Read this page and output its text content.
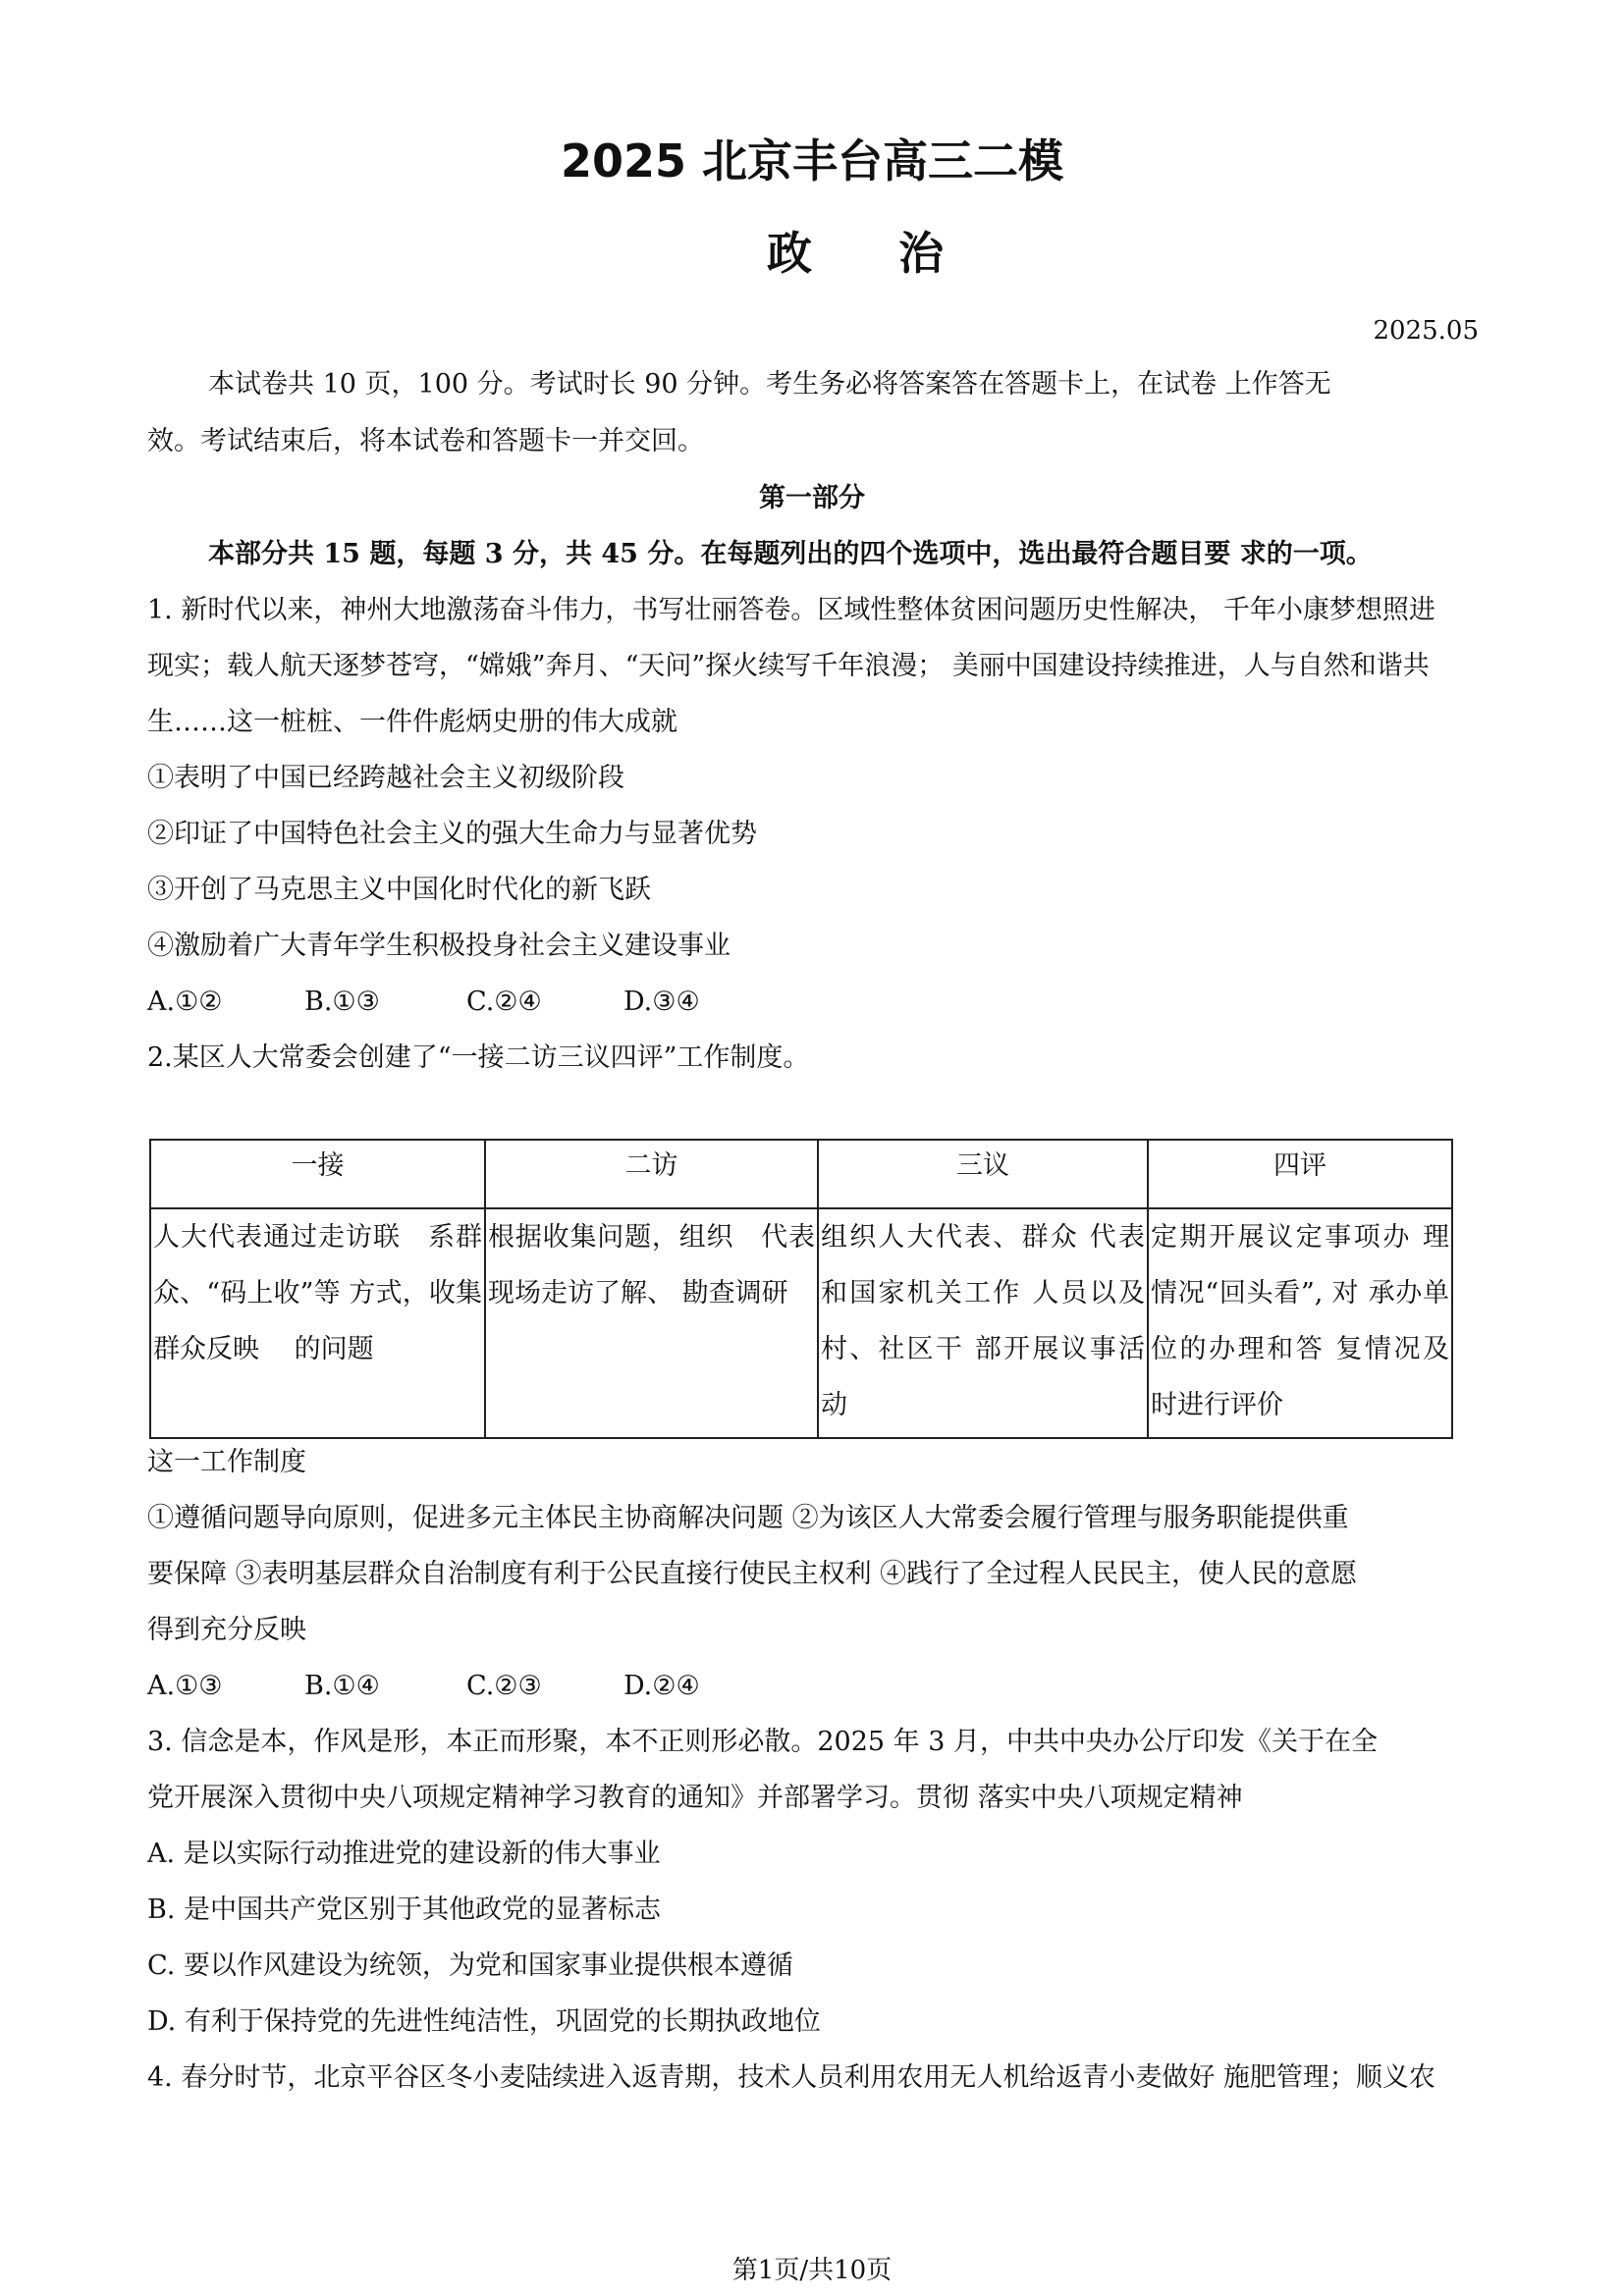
2025 北京丰台高三二模
政治
2025.05
本试卷共 10 页，100 分。考试时长 90 分钟。考生务必将答案答在答题卡上，在试卷 上作答无
效。考试结束后，将本试卷和答题卡一并交回。
第一部分
本部分共 15 题，每题 3 分，共 45 分。在每题列出的四个选项中，选出最符合题目要 求的一项。
1. 新时代以来，神州大地激荡奋斗伟力，书写壮丽答卷。区域性整体贫困问题历史性解决， 千年小康梦想照进
现实；载人航天逐梦苍穹，“嫦娥”奔月、“天问”探火续写千年浪漫； 美丽中国建设持续推进，人与自然和谐共
生……这一桩桩、一件件彪炳史册的伟大成就
①表明了中国已经跨越社会主义初级阶段
②印证了中国特色社会主义的强大生命力与显著优势
③开创了马克思主义中国化时代化的新飞跃
④激励着广大青年学生积极投身社会主义建设事业
A.①②	B.①③	C.②④	D.③④
2.某区人大常委会创建了“一接二访三议四评”工作制度。
一接	二访	三议	四评
人大代表通过走访联　系群众、“码上收”等 方式，收集群众反映　 的问题	根据收集问题，组织　代表现场走访了解、 勘查调研	组织人大代表、群众 代表和国家机关工作 人员以及村、社区干 部开展议事活动	定期开展议定事项办 理情况“回头看”, 对 承办单位的办理和答 复情况及时进行评价
这一工作制度
①遵循问题导向原则，促进多元主体民主协商解决问题 ②为该区人大常委会履行管理与服务职能提供重
要保障 ③表明基层群众自治制度有利于公民直接行使民主权利 ④践行了全过程人民民主，使人民的意愿
得到充分反映
A.①③	B.①④	C.②③	D.②④
3. 信念是本，作风是形，本正而形聚，本不正则形必散。2025 年 3 月，中共中央办公厅印发《关于在全
党开展深入贯彻中央八项规定精神学习教育的通知》并部署学习。贯彻 落实中央八项规定精神
A. 是以实际行动推进党的建设新的伟大事业
B. 是中国共产党区别于其他政党的显著标志
C. 要以作风建设为统领，为党和国家事业提供根本遵循
D. 有利于保持党的先进性纯洁性，巩固党的长期执政地位
4. 春分时节，北京平谷区冬小麦陆续进入返青期，技术人员利用农用无人机给返青小麦做好 施肥管理；顺义农
第1页/共10页
